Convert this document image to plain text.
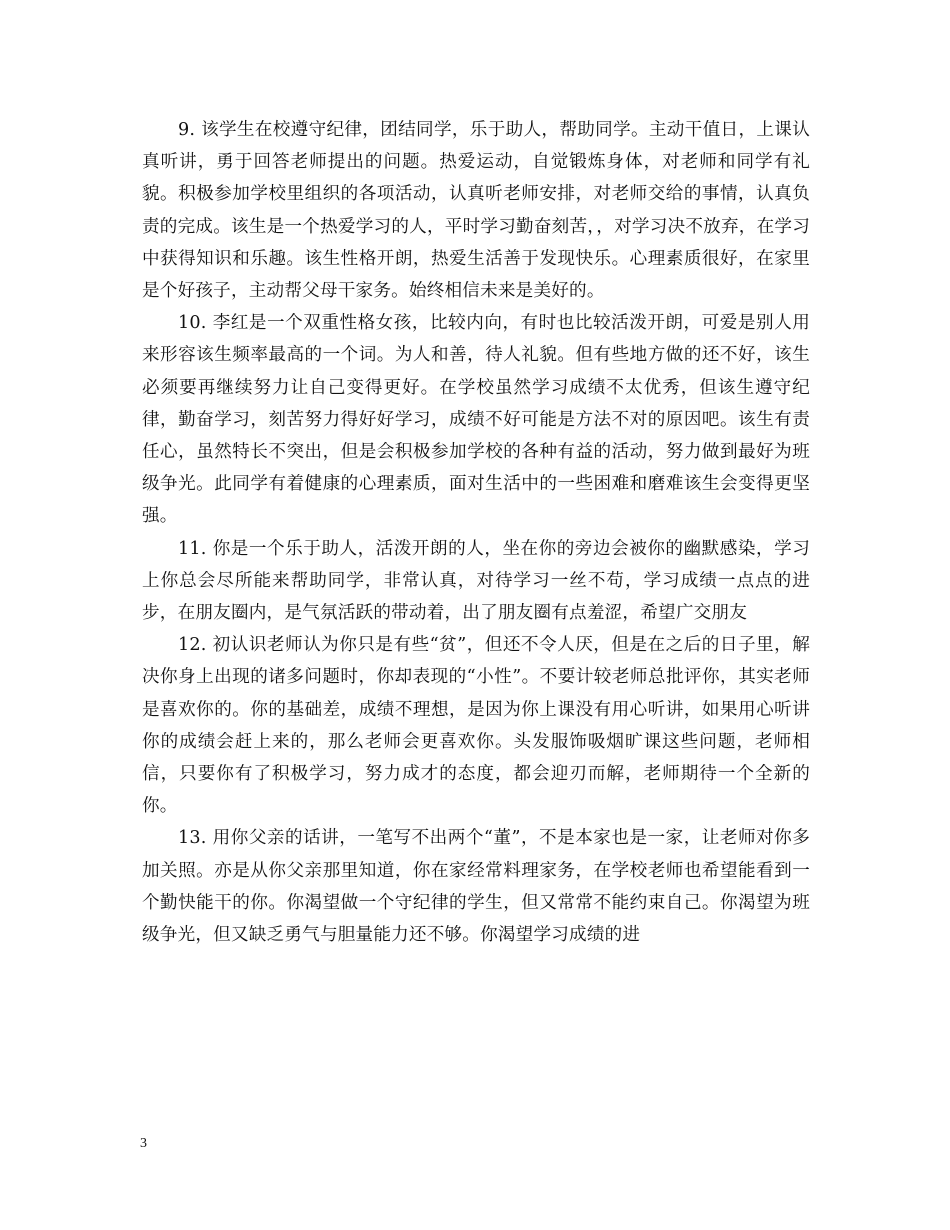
9. 该学生在校遵守纪律，团结同学，乐于助人，帮助同学。主动干值日，上课认真听讲，勇于回答老师提出的问题。热爱运动，自觉锻炼身体，对老师和同学有礼貌。积极参加学校里组织的各项活动，认真听老师安排，对老师交给的事情，认真负责的完成。该生是一个热爱学习的人，平时学习勤奋刻苦，，对学习决不放弃，在学习中获得知识和乐趣。该生性格开朗，热爱生活善于发现快乐。心理素质很好，在家里是个好孩子，主动帮父母干家务。始终相信未来是美好的。

10. 李红是一个双重性格女孩，比较内向，有时也比较活泼开朗，可爱是别人用来形容该生频率最高的一个词。为人和善，待人礼貌。但有些地方做的还不好，该生必须要再继续努力让自己变得更好。在学校虽然学习成绩不太优秀，但该生遵守纪律，勤奋学习，刻苦努力得好好学习，成绩不好可能是方法不对的原因吧。该生有责任心，虽然特长不突出，但是会积极参加学校的各种有益的活动，努力做到最好为班级争光。此同学有着健康的心理素质，面对生活中的一些困难和磨难该生会变得更坚强。

11. 你是一个乐于助人，活泼开朗的人，坐在你的旁边会被你的幽默感染，学习上你总会尽所能来帮助同学，非常认真，对待学习一丝不苟，学习成绩一点点的进步，在朋友圈内，是气氛活跃的带动着，出了朋友圈有点羞涩，希望广交朋友

12. 初认识老师认为你只是有些“贫”，但还不令人厌，但是在之后的日子里，解决你身上出现的诸多问题时，你却表现的“小性”。不要计较老师总批评你，其实老师是喜欢你的。你的基础差，成绩不理想，是因为你上课没有用心听讲，如果用心听讲你的成绩会赶上来的，那么老师会更喜欢你。头发服饰吸烟旷课这些问题，老师相信，只要你有了积极学习，努力成才的态度，都会迎刃而解，老师期待一个全新的你。

13. 用你父亲的话讲，一笔写不出两个“董”，不是本家也是一家，让老师对你多加关照。亦是从你父亲那里知道，你在家经常料理家务，在学校老师也希望能看到一个勤快能干的你。你渴望做一个守纪律的学生，但又常常不能约束自己。你渴望为班级争光，但又缺乏勇气与胆量能力还不够。你渴望学习成绩的进

3
